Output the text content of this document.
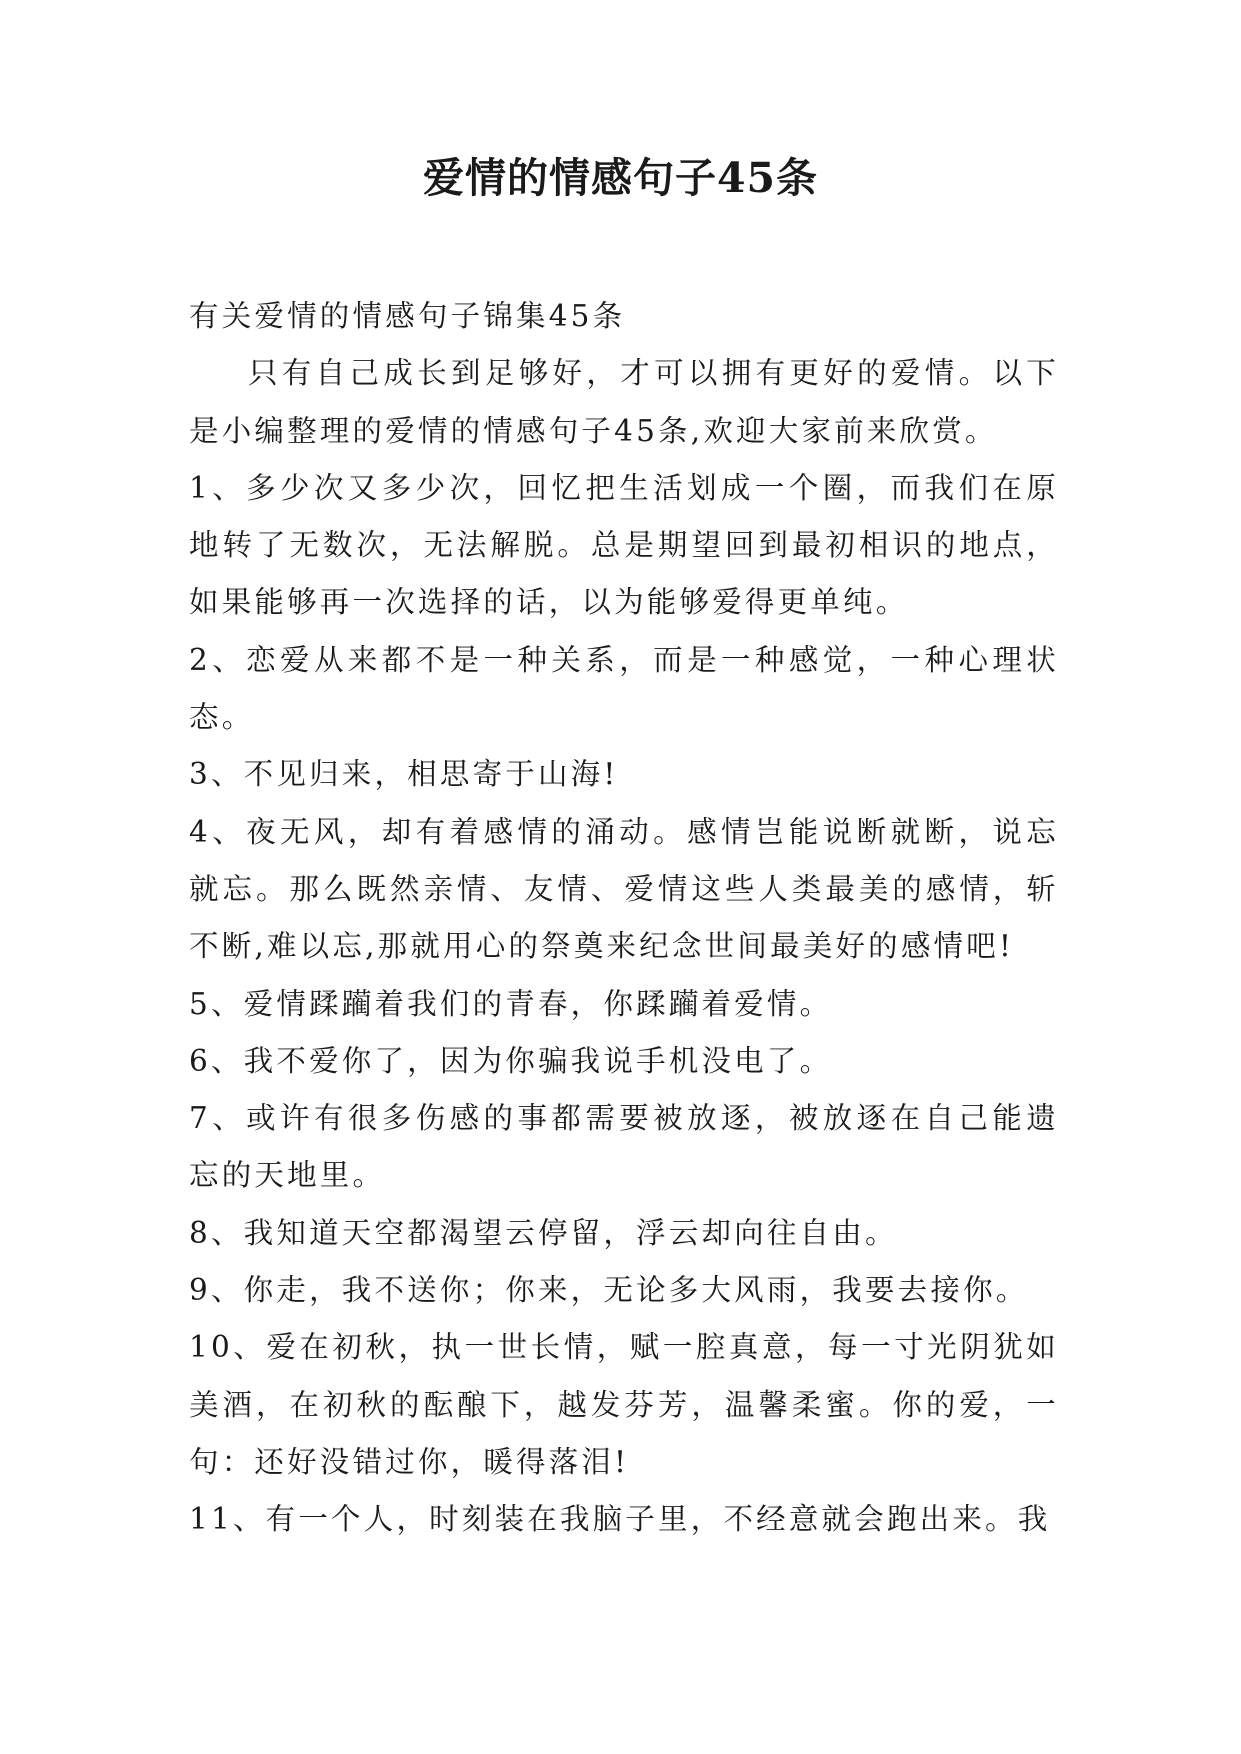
爱情的情感句子45条

有关爱情的情感句子锦集45条

只有自己成长到足够好，才可以拥有更好的爱情。以下是小编整理的爱情的情感句子45条,欢迎大家前来欣赏。

1、多少次又多少次，回忆把生活划成一个圈，而我们在原地转了无数次，无法解脱。总是期望回到最初相识的地点，如果能够再一次选择的话，以为能够爱得更单纯。

2、恋爱从来都不是一种关系，而是一种感觉，一种心理状态。

3、不见归来，相思寄于山海!

4、夜无风，却有着感情的涌动。感情岂能说断就断，说忘就忘。那么既然亲情、友情、爱情这些人类最美的感情，斩不断,难以忘,那就用心的祭奠来纪念世间最美好的感情吧!

5、爱情蹂躏着我们的青春，你蹂躏着爱情。

6、我不爱你了，因为你骗我说手机没电了。

7、或许有很多伤感的事都需要被放逐，被放逐在自己能遗忘的天地里。

8、我知道天空都渴望云停留，浮云却向往自由。

9、你走，我不送你；你来，无论多大风雨，我要去接你。

10、爱在初秋，执一世长情，赋一腔真意，每一寸光阴犹如美酒，在初秋的酝酿下，越发芬芳，温馨柔蜜。你的爱，一句：还好没错过你，暖得落泪!

11、有一个人，时刻装在我脑子里，不经意就会跑出来。我
